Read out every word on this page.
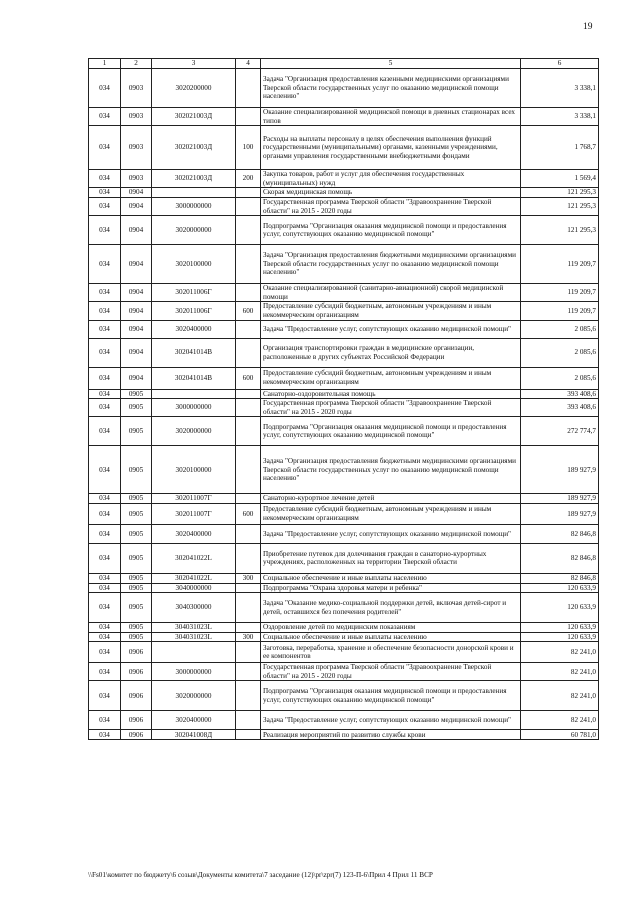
19
1	2	3	4	5	6
034	0903	3020200000		Задача "Организация предоставления казенными медицинскими организациями Тверской области государственных услуг по оказанию медицинской помощи населению"	3 338,1
034	0903	302021003Д		Оказание специализированной медицинской помощи в дневных стационарах всех типов	3 338,1
034	0903	302021003Д	100	Расходы на выплаты персоналу в целях обеспечения выполнения функций государственными (муниципальными) органами, казенными учреждениями, органами управления государственными внебюджетными фондами	1 768,7
034	0903	302021003Д	200	Закупка товаров, работ и услуг для обеспечения государственных (муниципальных) нужд	1 569,4
034	0904			Скорая медицинская помощь	121 295,3
034	0904	3000000000		Государственная программа Тверской области "Здравоохранение Тверской области" на 2015 - 2020 годы	121 295,3
034	0904	3020000000		Подпрограмма "Организация оказания медицинской помощи и предоставления услуг, сопутствующих оказанию медицинской помощи"	121 295,3
034	0904	3020100000		Задача "Организация предоставления бюджетными медицинскими организациями Тверской области государственных услуг по оказанию медицинской помощи населению"	119 209,7
034	0904	302011006Г		Оказание специализированной (санитарно-авиационной) скорой медицинской помощи	119 209,7
034	0904	302011006Г	600	Предоставление субсидий бюджетным, автономным учреждениям и иным некоммерческим организациям	119 209,7
034	0904	3020400000		Задача "Предоставление услуг, сопутствующих оказанию медицинской помощи"	2 085,6
034	0904	302041014В		Организация транспортировки граждан в медицинские организации, расположенные в других субъектах Российской Федерации	2 085,6
034	0904	302041014В	600	Предоставление субсидий бюджетным, автономным учреждениям и иным некоммерческим организациям	2 085,6
034	0905			Санаторно-оздоровительная помощь	393 408,6
034	0905	3000000000		Государственная программа Тверской области "Здравоохранение Тверской области" на 2015 - 2020 годы	393 408,6
034	0905	3020000000		Подпрограмма "Организация оказания медицинской помощи и предоставления услуг, сопутствующих оказанию медицинской помощи"	272 774,7
034	0905	3020100000		Задача "Организация предоставления бюджетными медицинскими организациями Тверской области государственных услуг по оказанию медицинской помощи населению"	189 927,9
034	0905	302011007Г		Санаторно-курортное лечение детей	189 927,9
034	0905	302011007Г	600	Предоставление субсидий бюджетным, автономным учреждениям и иным некоммерческим организациям	189 927,9
034	0905	3020400000		Задача "Предоставление услуг, сопутствующих оказанию медицинской помощи"	82 846,8
034	0905	302041022L		Приобретение путевок для долечивания граждан в санаторно-курортных учреждениях, расположенных на территории Тверской области	82 846,8
034	0905	302041022L	300	Социальное обеспечение и иные выплаты населению	82 846,8
034	0905	3040000000		Подпрограмма "Охрана здоровья матери и ребенка"	120 633,9
034	0905	3040300000		Задача "Оказание медико-социальной поддержки детей, включая детей-сирот и детей, оставшихся без попечения родителей"	120 633,9
034	0905	304031023L		Оздоровление детей по медицинским показаниям	120 633,9
034	0905	304031023L	300	Социальное обеспечение и иные выплаты населению	120 633,9
034	0906			Заготовка, переработка, хранение и обеспечение безопасности донорской крови и ее компонентов	82 241,0
034	0906	3000000000		Государственная программа Тверской области "Здравоохранение Тверской области" на 2015 - 2020 годы	82 241,0
034	0906	3020000000		Подпрограмма "Организация оказания медицинской помощи и предоставления услуг, сопутствующих оказанию медицинской помощи"	82 241,0
034	0906	3020400000		Задача "Предоставление услуг, сопутствующих оказанию медицинской помощи"	82 241,0
034	0906	302041008Д		Реализация мероприятий по развитию службы крови	60 781,0
\\Fs01\комитет по бюджету\6 созыв\Документы комитета\7 заседание (12)\pr\zpr(7) 123-П-6\Прил 4 Прил 11 ВСР
